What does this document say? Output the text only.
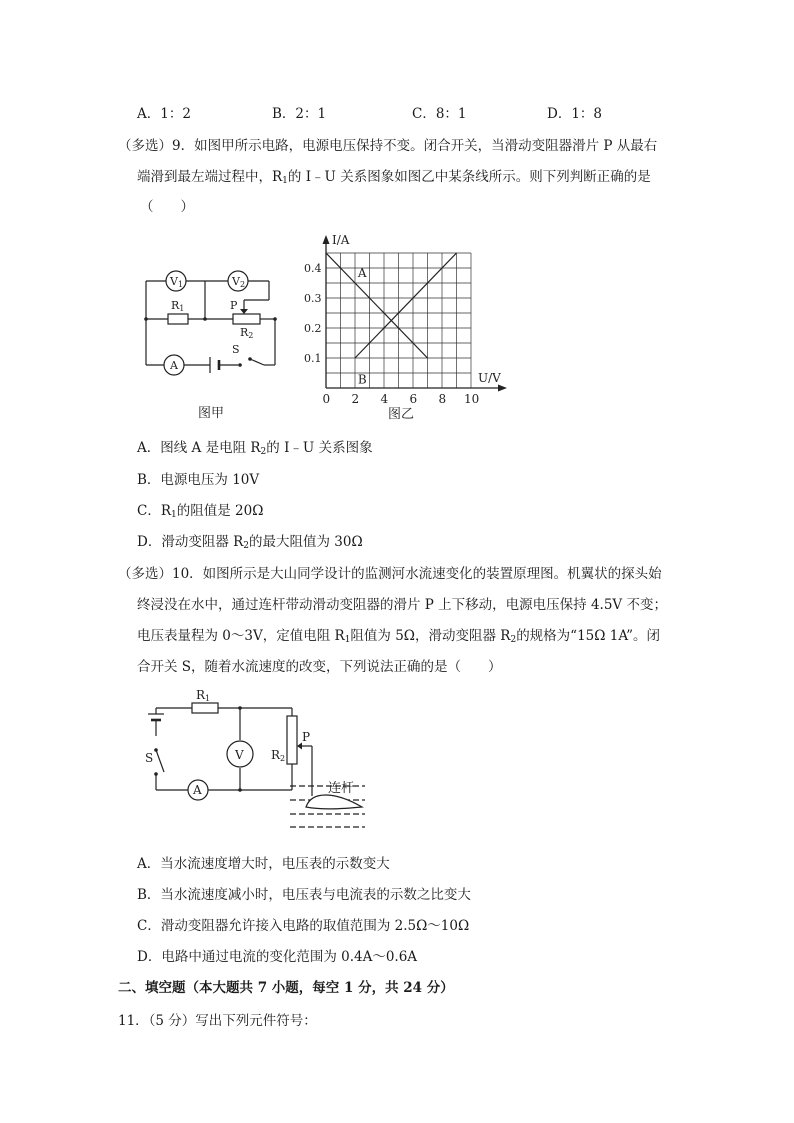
A．1：2	B．2：1	C．8：1	D．1：8
（多选）9．如图甲所示电路，电源电压保持不变。闭合开关，当滑动变阻器滑片 P 从最右
端滑到最左端过程中，$R_1$的 I﹣U 关系图象如图乙中某条线所示。则下列判断正确的是
（　　）
V1	V2
R1	P
R2
A
S
图甲
0 2 4 6 8 10
0.1
0.2
0.3
0.4	A
B
I/A
U/V
图乙
A．图线 A 是电阻 $R_2$的 I﹣U 关系图象
B．电源电压为 10V
C．$R_1$的阻值是 20Ω
D．滑动变阻器 $R_2$的最大阻值为 30Ω
（多选）10．如图所示是大山同学设计的监测河水流速变化的装置原理图。机翼状的探头始
终浸没在水中，通过连杆带动滑动变阻器的滑片 P 上下移动，电源电压保持 4.5V 不变；
电压表量程为 0～3V，定值电阻 $R_1$阻值为 5Ω，滑动变阻器 $R_2$的规格为“15Ω 1A”。闭
合开关 S，随着水流速度的改变，下列说法正确的是（　　）
R1
V
A
R2
P
S
连杆
A．当水流速度增大时，电压表的示数变大
B．当水流速度减小时，电压表与电流表的示数之比变大
C．滑动变阻器允许接入电路的取值范围为 2.5Ω～10Ω
D．电路中通过电流的变化范围为 0.4A～0.6A
二、填空题（本大题共 7 小题，每空 1 分，共 24 分）
11．（5 分）写出下列元件符号：
